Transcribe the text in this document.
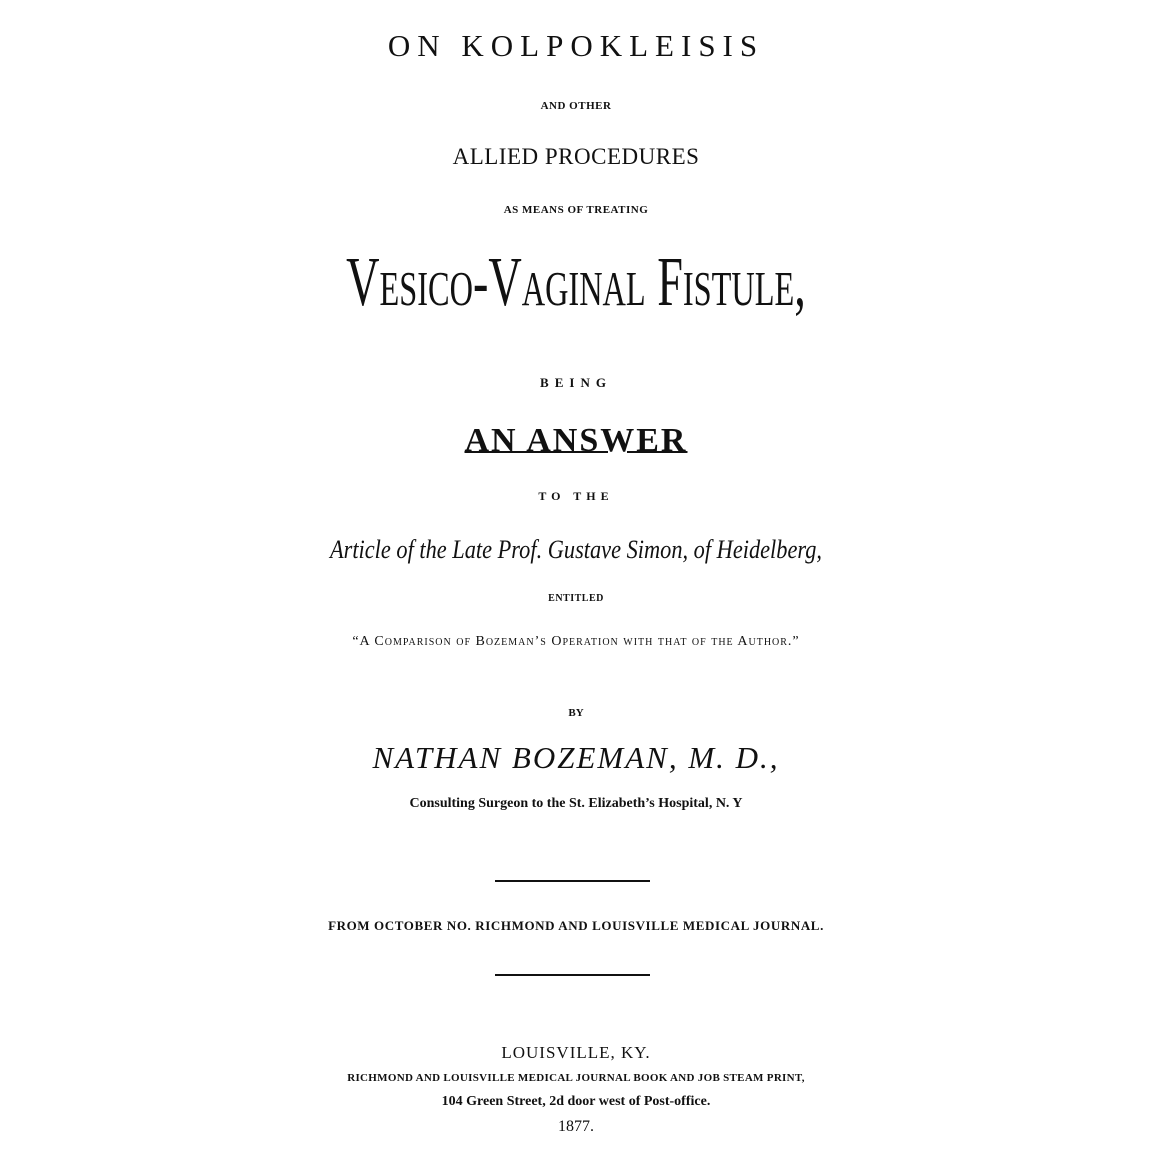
ON KOLPOKLEISIS
AND OTHER
ALLIED PROCEDURES
AS MEANS OF TREATING
Vesico-Vaginal Fistule,
BEING
AN ANSWER
TO THE
Article of the Late Prof. Gustave Simon, of Heidelberg,
ENTITLED
“A Comparison of Bozeman’s Operation with that of the Author.”
BY
NATHAN BOZEMAN, M. D.,
Consulting Surgeon to the St. Elizabeth’s Hospital, N. Y
FROM OCTOBER NO. RICHMOND AND LOUISVILLE MEDICAL JOURNAL.
LOUISVILLE, KY.
RICHMOND AND LOUISVILLE MEDICAL JOURNAL BOOK AND JOB STEAM PRINT,
104 Green Street, 2d door west of Post-office.
1877.
